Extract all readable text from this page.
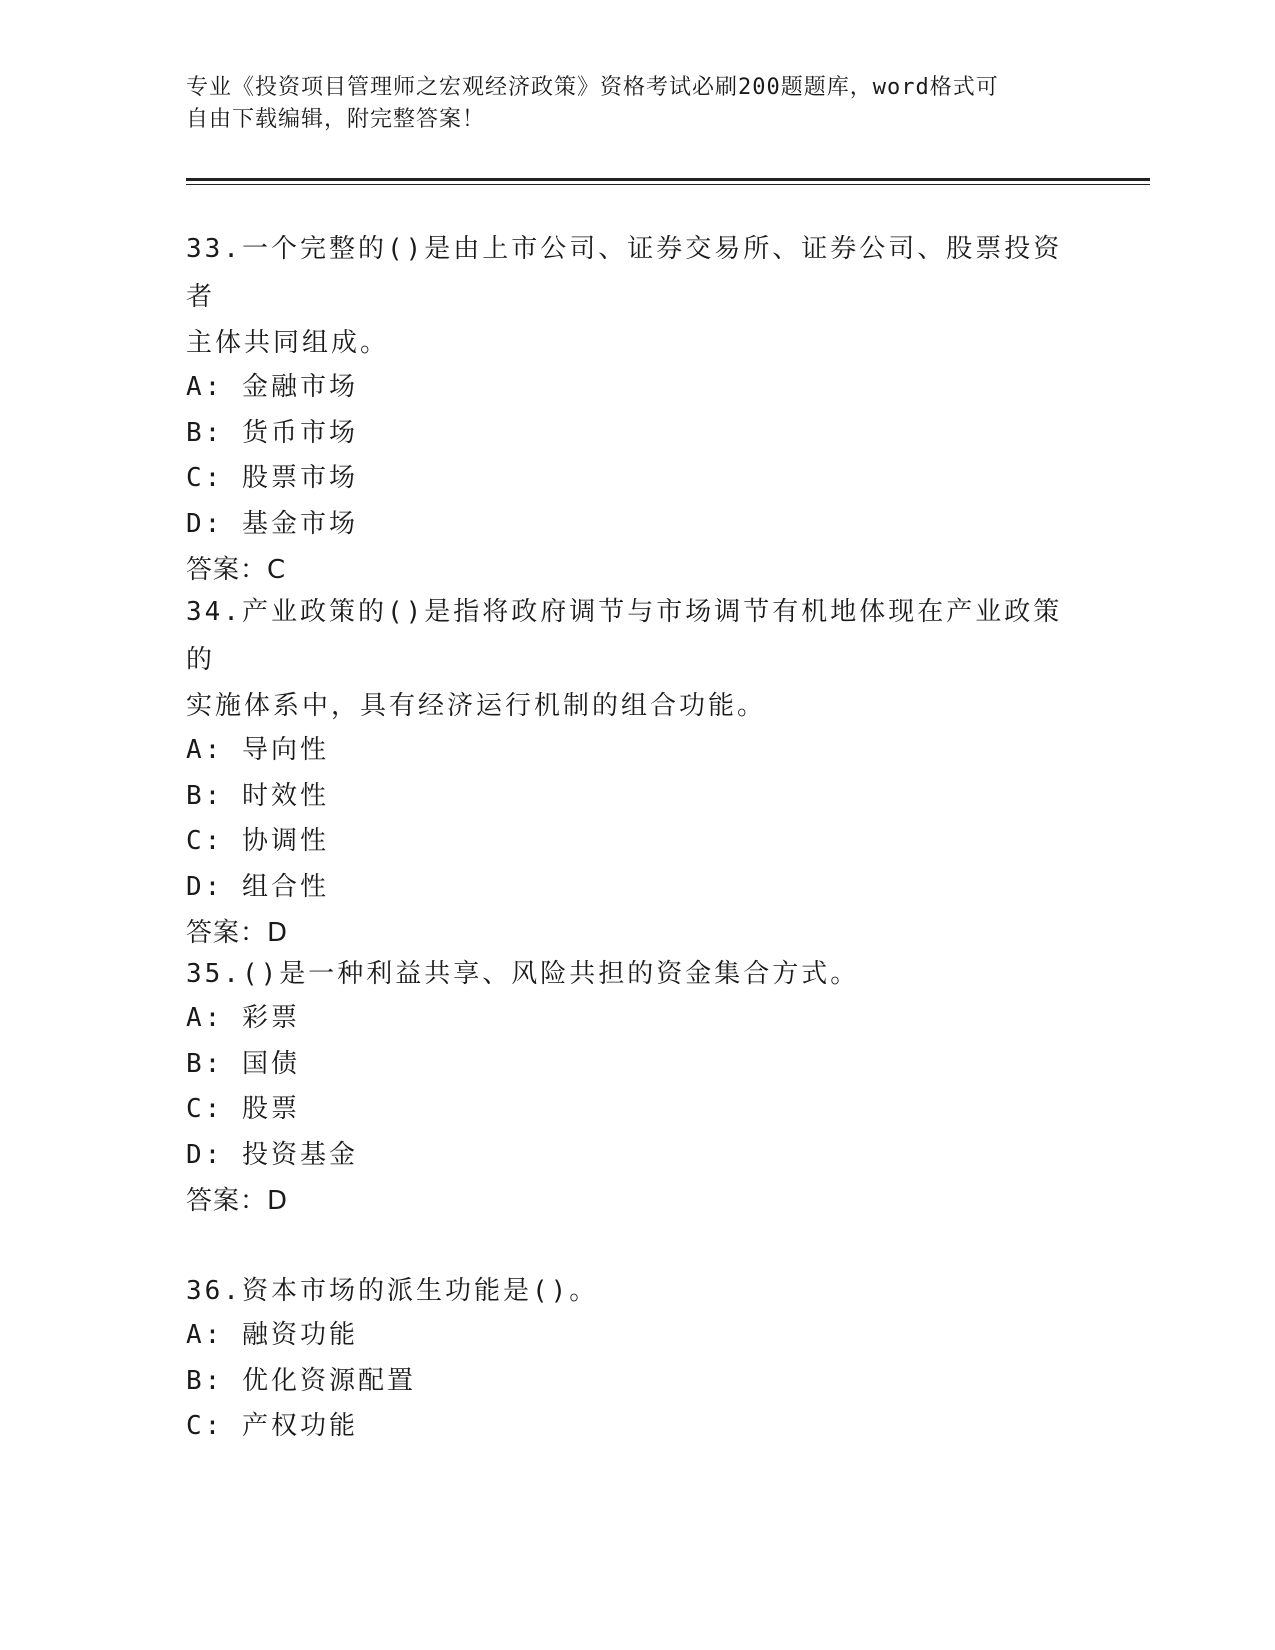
专业《投资项目管理师之宏观经济政策》资格考试必刷200题题库，word格式可
自由下载编辑，附完整答案！
33.一个完整的()是由上市公司、证券交易所、证券公司、股票投资者
主体共同组成。
A: 金融市场
B: 货币市场
C: 股票市场
D: 基金市场
答案：C
34.产业政策的()是指将政府调节与市场调节有机地体现在产业政策的
实施体系中，具有经济运行机制的组合功能。
A: 导向性
B: 时效性
C: 协调性
D: 组合性
答案：D
35.()是一种利益共享、风险共担的资金集合方式。
A: 彩票
B: 国债
C: 股票
D: 投资基金
答案：D
36.资本市场的派生功能是()。
A: 融资功能
B: 优化资源配置
C: 产权功能
